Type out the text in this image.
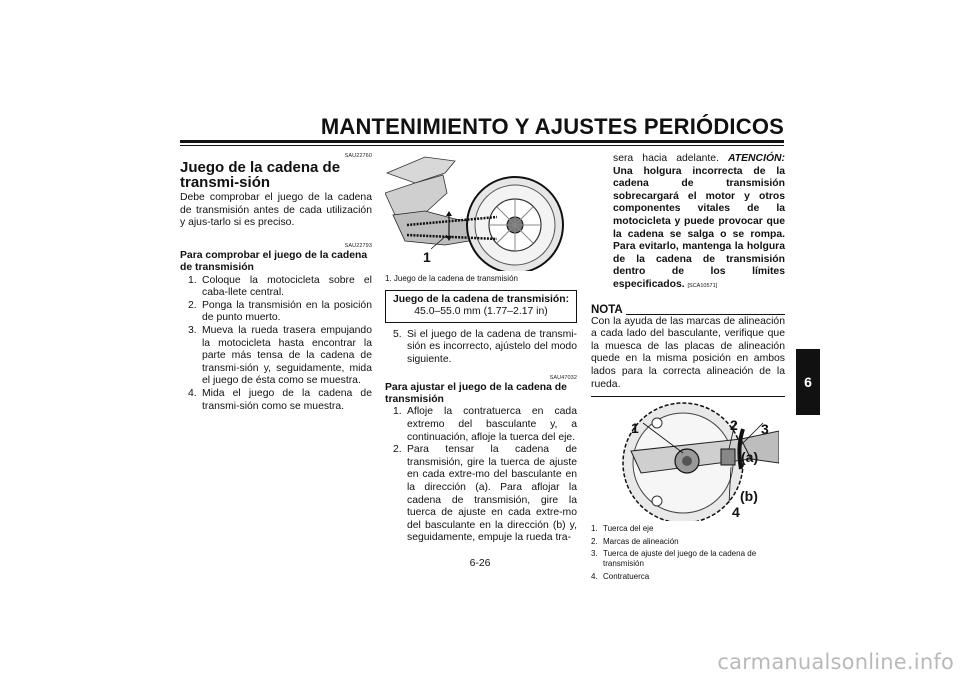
MANTENIMIENTO Y AJUSTES PERIÓDICOS
6
SAU22760
Juego de la cadena de transmi-sión

Debe comprobar el juego de la cadena de transmisión antes de cada utilización y ajus-tarlo si es preciso.

SAU22793
Para comprobar el juego de la cadena de transmisión
1. Coloque la motocicleta sobre el caba-llete central.
2. Ponga la transmisión en la posición de punto muerto.
3. Mueva la rueda trasera empujando la motocicleta hasta encontrar la parte más tensa de la cadena de transmi-sión y, seguidamente, mida el juego de ésta como se muestra.
4. Mida el juego de la cadena de transmi-sión como se muestra.
1
1. Juego de la cadena de transmisión
Juego de la cadena de transmisión:
45.0–55.0 mm (1.77–2.17 in)
5. Si el juego de la cadena de transmi-sión es incorrecto, ajústelo del modo siguiente.
SAU47032
Para ajustar el juego de la cadena de transmisión
1. Afloje la contratuerca en cada extremo del basculante y, a continuación, afloje la tuerca del eje.
2. Para tensar la cadena de transmisión, gire la tuerca de ajuste en cada extre-mo del basculante en la dirección (a). Para aflojar la cadena de transmisión, gire la tuerca de ajuste en cada extre-mo del basculante en la dirección (b) y, seguidamente, empuje la rueda tra-
sera hacia adelante. ATENCIÓN: Una holgura incorrecta de la cadena de transmisión sobrecargará el motor y otros componentes vitales de la motocicleta y puede provocar que la cadena se salga o se rompa. Para evitarlo, mantenga la holgura de la cadena de transmisión dentro de los límites especificados. [SCA10571]
NOTA

Con la ayuda de las marcas de alineación a cada lado del basculante, verifique que la muesca de las placas de alineación quede en la misma posición en ambos lados para la correcta alineación de la rueda.

1	2 3
(a)
(b)
4
1. Tuerca del eje
2. Marcas de alineación
3. Tuerca de ajuste del juego de la cadena de transmisión
4. Contratuerca
6-26
carmanualsonline.info
